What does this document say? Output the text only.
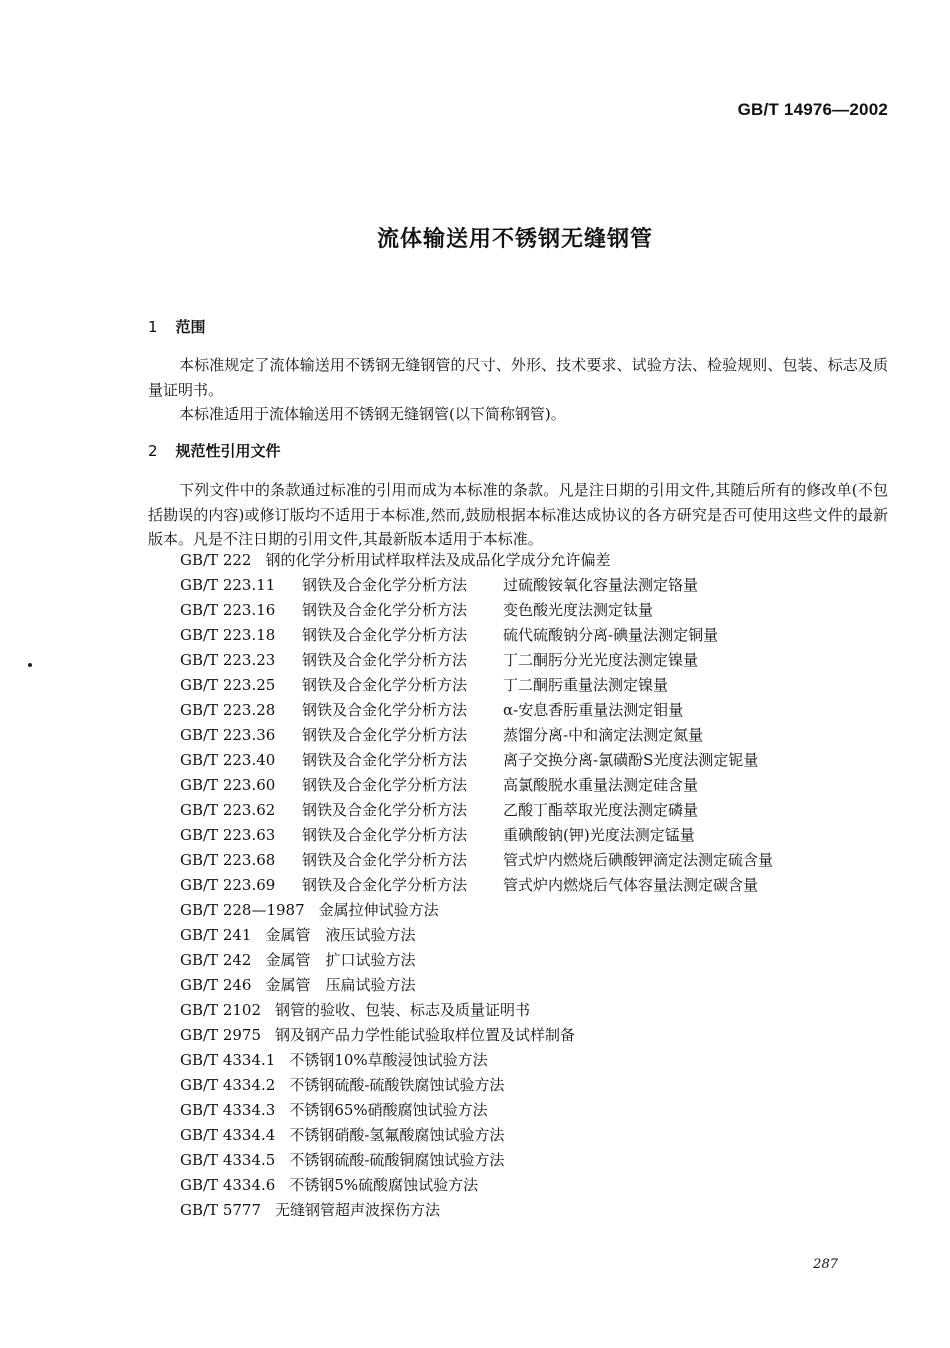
GB/T 14976—2002
流体输送用不锈钢无缝钢管
1 范围
本标准规定了流体输送用不锈钢无缝钢管的尺寸、外形、技术要求、试验方法、检验规则、包装、标志及质量证明书。
本标准适用于流体输送用不锈钢无缝钢管(以下简称钢管)。
2 规范性引用文件
下列文件中的条款通过标准的引用而成为本标准的条款。凡是注日期的引用文件,其随后所有的修改单(不包括勘误的内容)或修订版均不适用于本标准,然而,鼓励根据本标准达成协议的各方研究是否可使用这些文件的最新版本。凡是不注日期的引用文件,其最新版本适用于本标准。
GB/T 222 钢的化学分析用试样取样法及成品化学成分允许偏差
GB/T 223.11 钢铁及合金化学分析方法 过硫酸铵氧化容量法测定铬量
GB/T 223.16 钢铁及合金化学分析方法 变色酸光度法测定钛量
GB/T 223.18 钢铁及合金化学分析方法 硫代硫酸钠分离-碘量法测定铜量
GB/T 223.23 钢铁及合金化学分析方法 丁二酮肟分光光度法测定镍量
GB/T 223.25 钢铁及合金化学分析方法 丁二酮肟重量法测定镍量
GB/T 223.28 钢铁及合金化学分析方法 α-安息香肟重量法测定钼量
GB/T 223.36 钢铁及合金化学分析方法 蒸馏分离-中和滴定法测定氮量
GB/T 223.40 钢铁及合金化学分析方法 离子交换分离-氯磺酚S光度法测定铌量
GB/T 223.60 钢铁及合金化学分析方法 高氯酸脱水重量法测定硅含量
GB/T 223.62 钢铁及合金化学分析方法 乙酸丁酯萃取光度法测定磷量
GB/T 223.63 钢铁及合金化学分析方法 重碘酸钠(钾)光度法测定锰量
GB/T 223.68 钢铁及合金化学分析方法 管式炉内燃烧后碘酸钾滴定法测定硫含量
GB/T 223.69 钢铁及合金化学分析方法 管式炉内燃烧后气体容量法测定碳含量
GB/T 228—1987 金属拉伸试验方法
GB/T 241 金属管　液压试验方法
GB/T 242 金属管　扩口试验方法
GB/T 246 金属管　压扁试验方法
GB/T 2102 钢管的验收、包装、标志及质量证明书
GB/T 2975 钢及钢产品力学性能试验取样位置及试样制备
GB/T 4334.1 不锈钢10%草酸浸蚀试验方法
GB/T 4334.2 不锈钢硫酸-硫酸铁腐蚀试验方法
GB/T 4334.3 不锈钢65%硝酸腐蚀试验方法
GB/T 4334.4 不锈钢硝酸-氢氟酸腐蚀试验方法
GB/T 4334.5 不锈钢硫酸-硫酸铜腐蚀试验方法
GB/T 4334.6 不锈钢5%硫酸腐蚀试验方法
GB/T 5777 无缝钢管超声波探伤方法
287
